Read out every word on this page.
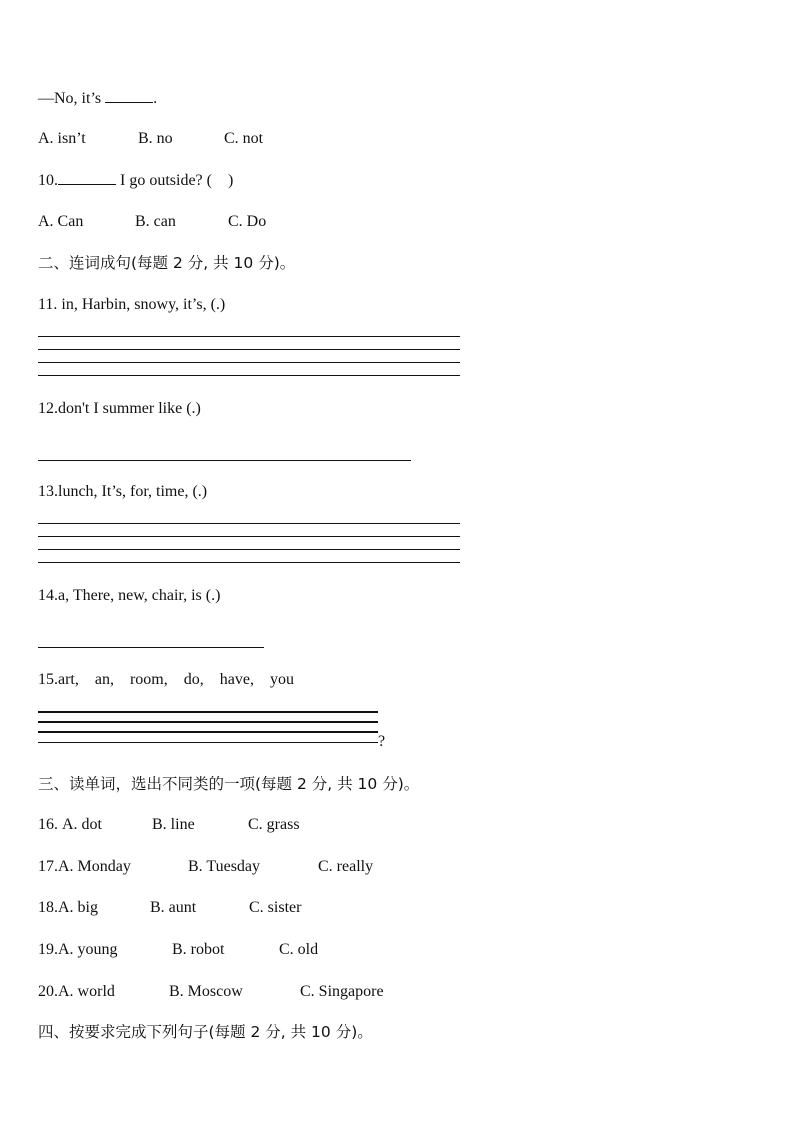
—No, it’s	.
A. isn’t	B. no	C. not
10.	I go outside? ( )
A. Can	B. can	C. Do
二、连词成句(每题 2 分, 共 10 分)。
11. in, Harbin, snowy, it’s, (.)
12.don't I summer like (.)
13.lunch, It’s, for, time, (.)
14.a, There, new, chair, is (.)
15.art,    an,    room,    do,    have,    you
?
三、读单词，选出不同类的一项(每题 2 分, 共 10 分)。
16. A. dot	B. line	C. grass
17.A. Monday	B. Tuesday	C. really
18.A. big	B. aunt	C. sister
19.A. young	B. robot	C. old
20.A. world	B. Moscow	C. Singapore
四、按要求完成下列句子(每题 2 分, 共 10 分)。
